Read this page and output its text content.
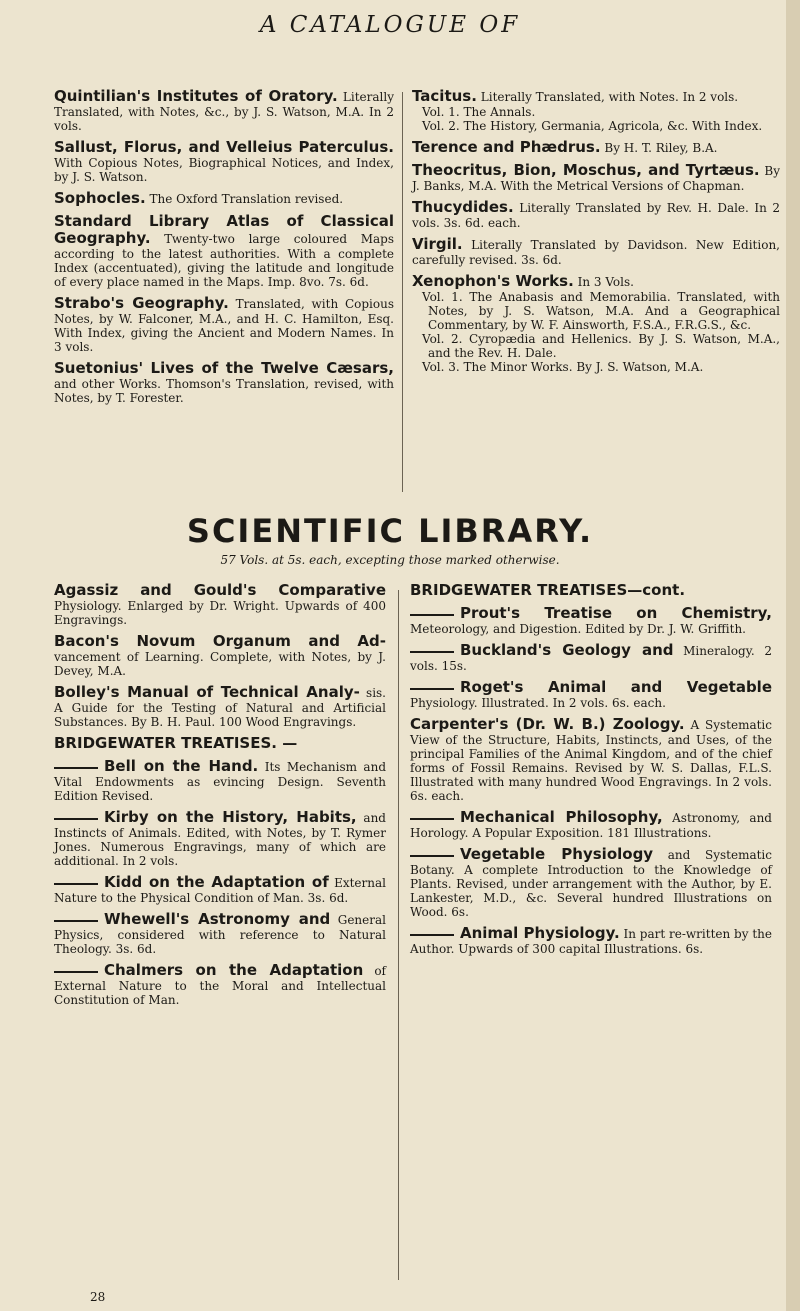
A CATALOGUE OF
Quintilian's Institutes of Oratory. Literally Translated, with Notes, &c., by J. S. Watson, M.A. In 2 vols.
Sallust, Florus, and Velleius Paterculus. With Copious Notes, Biographical Notices, and Index, by J. S. Watson.
Sophocles. The Oxford Translation revised.
Standard Library Atlas of Classical Geography. Twenty-two large coloured Maps according to the latest authorities. With a complete Index (accentuated), giving the latitude and longitude of every place named in the Maps. Imp. 8vo. 7s. 6d.
Strabo's Geography. Translated, with Copious Notes, by W. Falconer, M.A., and H. C. Hamilton, Esq. With Index, giving the Ancient and Modern Names. In 3 vols.
Suetonius' Lives of the Twelve Cæsars, and other Works. Thomson's Translation, revised, with Notes, by T. Forester.
Tacitus. Literally Translated, with Notes. In 2 vols.
Vol. 1. The Annals.
Vol. 2. The History, Germania, Agricola, &c. With Index.
Terence and Phædrus. By H. T. Riley, B.A.
Theocritus, Bion, Moschus, and Tyrtæus. By J. Banks, M.A. With the Metrical Versions of Chapman.
Thucydides. Literally Translated by Rev. H. Dale. In 2 vols. 3s. 6d. each.
Virgil. Literally Translated by Davidson. New Edition, carefully revised. 3s. 6d.
Xenophon's Works. In 3 Vols.
Vol. 1. The Anabasis and Memorabilia. Translated, with Notes, by J. S. Watson, M.A. And a Geographical Commentary, by W. F. Ainsworth, F.S.A., F.R.G.S., &c.
Vol. 2. Cyropædia and Hellenics. By J. S. Watson, M.A., and the Rev. H. Dale.
Vol. 3. The Minor Works. By J. S. Watson, M.A.
SCIENTIFIC LIBRARY.
57 Vols. at 5s. each, excepting those marked otherwise.
Agassiz and Gould's Comparative Physiology. Enlarged by Dr. Wright. Upwards of 400 Engravings.
Bacon's Novum Organum and Ad- vancement of Learning. Complete, with Notes, by J. Devey, M.A.
Bolley's Manual of Technical Analy- sis. A Guide for the Testing of Natural and Artificial Substances. By B. H. Paul. 100 Wood Engravings.
BRIDGEWATER TREATISES. —
Bell on the Hand. Its Mechanism and Vital Endowments as evincing Design. Seventh Edition Revised.
Kirby on the History, Habits, and Instincts of Animals. Edited, with Notes, by T. Rymer Jones. Numerous Engravings, many of which are additional. In 2 vols.
Kidd on the Adaptation of External Nature to the Physical Condition of Man. 3s. 6d.
Whewell's Astronomy and General Physics, considered with reference to Natural Theology. 3s. 6d.
Chalmers on the Adaptation of External Nature to the Moral and Intellectual Constitution of Man.
BRIDGEWATER TREATISES—cont.
Prout's Treatise on Chemistry, Meteorology, and Digestion. Edited by Dr. J. W. Griffith.
Buckland's Geology and Mineralogy. 2 vols. 15s.
Roget's Animal and Vegetable Physiology. Illustrated. In 2 vols. 6s. each.
Carpenter's (Dr. W. B.) Zoology. A Systematic View of the Structure, Habits, Instincts, and Uses, of the principal Families of the Animal Kingdom, and of the chief forms of Fossil Remains. Revised by W. S. Dallas, F.L.S. Illustrated with many hundred Wood Engravings. In 2 vols. 6s. each.
Mechanical Philosophy, Astronomy, and Horology. A Popular Exposition. 181 Illustrations.
Vegetable Physiology and Systematic Botany. A complete Introduction to the Knowledge of Plants. Revised, under arrangement with the Author, by E. Lankester, M.D., &c. Several hundred Illustrations on Wood. 6s.
Animal Physiology. In part re-written by the Author. Upwards of 300 capital Illustrations. 6s.
28
